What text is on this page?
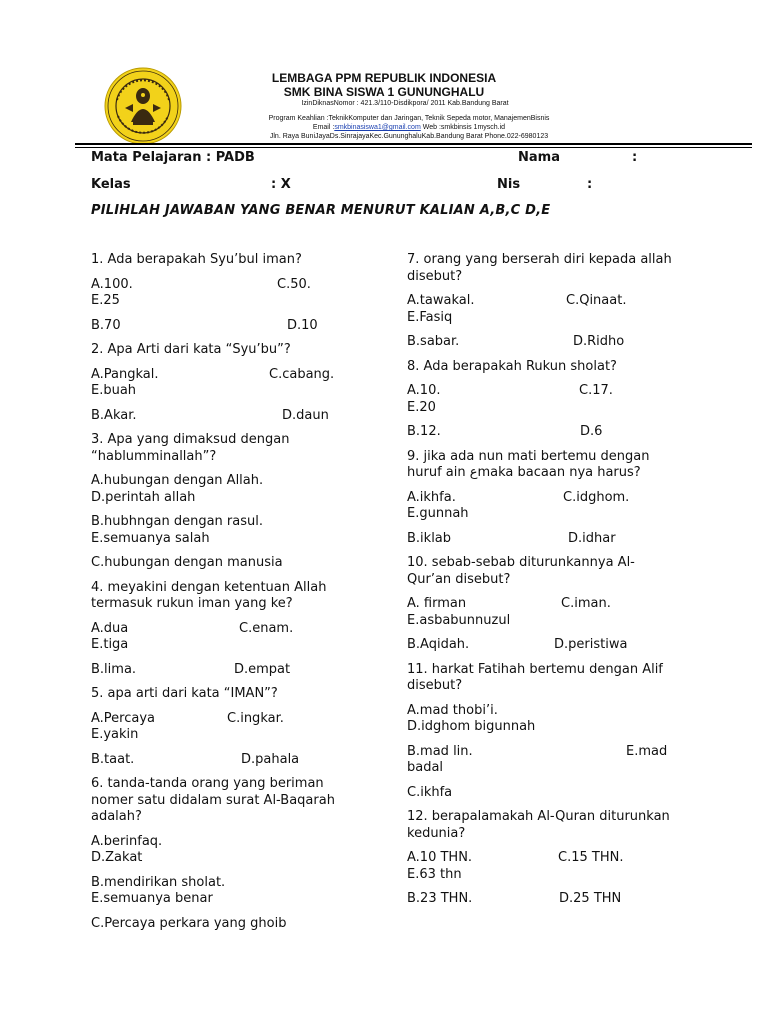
LEMBAGA PPM REPUBLIK INDONESIA
SMK BINA SISWA 1 GUNUNGHALU
IzinDiknasNomor : 421.3/110-Disdikpora/ 2011 Kab.Bandung Barat
Program Keahlian :TeknikKomputer dan Jaringan, Teknik Sepeda motor, ManajemenBisnis
Email :smkbinasiswa1@gmail.com Web :smkbinsis 1mysch.id
Jln. Raya BuniJayaDs.SinrajayaKec.GununghaluKab.Bandung Barat Phone.022-6980123
Mata Pelajaran : PADB	Nama	:
Kelas	: X	Nis	:
PILIHLAH JAWABAN YANG BENAR MENURUT KALIAN A,B,C D,E

1. Ada berapakah Syu’bul iman?

A.100.	C.50.
E.25

B.70	D.10

2. Apa Arti dari kata “Syu’bu”?

A.Pangkal.	C.cabang.
E.buah

B.Akar.	D.daun

3. Apa yang dimaksud dengan “hablumminallah”?

A.hubungan dengan Allah.
D.perintah allah

B.hubhngan dengan rasul.
E.semuanya salah

C.hubungan dengan manusia

4. meyakini dengan ketentuan Allah termasuk rukun iman yang ke?

A.dua	C.enam.
E.tiga

B.lima.	D.empat

5. apa arti dari kata “IMAN”?

A.Percaya	C.ingkar.
E.yakin

B.taat.	D.pahala

6. tanda-tanda orang yang beriman nomer satu didalam surat Al-Baqarah adalah?

A.berinfaq.
D.Zakat

B.mendirikan sholat.
E.semuanya benar

C.Percaya perkara yang ghoib

7. orang yang berserah diri kepada allah disebut?

A.tawakal.	C.Qinaat.
E.Fasiq

B.sabar.	D.Ridho

8. Ada berapakah Rukun sholat?

A.10.	C.17.
E.20

B.12.	D.6

9. jika ada nun mati bertemu dengan huruf ain عmaka bacaan nya harus?

A.ikhfa.	C.idghom.
E.gunnah

B.iklab	D.idhar

10. sebab-sebab diturunkannya Al-Qur’an disebut?

A. firman	C.iman.
E.asbabunnuzul

B.Aqidah.	D.peristiwa

11. harkat Fatihah bertemu dengan Alif disebut?

A.mad thobi’i.
D.idghom bigunnah

B.mad lin.	E.mad badal

C.ikhfa

12. berapalamakah Al-Quran diturunkan kedunia?

A.10 THN.	C.15 THN.
E.63 thn

B.23 THN.	D.25 THN
